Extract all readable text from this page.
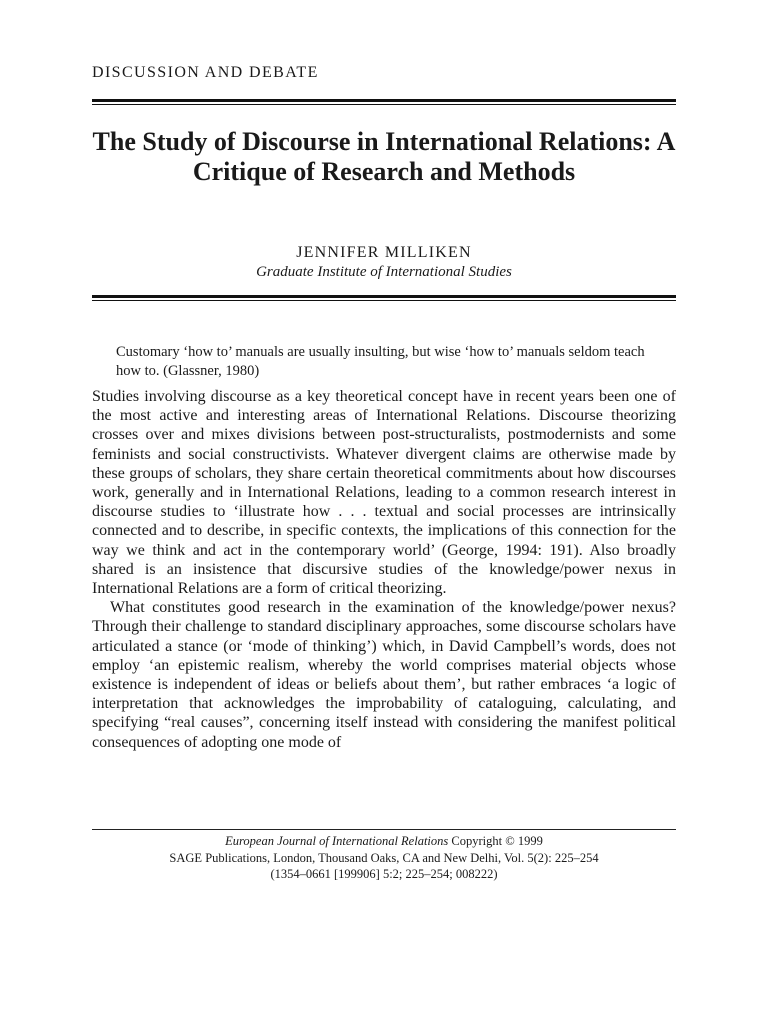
DISCUSSION AND DEBATE
The Study of Discourse in International Relations: A Critique of Research and Methods
JENNIFER MILLIKEN
Graduate Institute of International Studies

Customary ‘how to’ manuals are usually insulting, but wise ‘how to’ manuals seldom teach how to. (Glassner, 1980)

Studies involving discourse as a key theoretical concept have in recent years been one of the most active and interesting areas of International Relations. Discourse theorizing crosses over and mixes divisions between post-structuralists, postmodernists and some feminists and social constructivists. Whatever divergent claims are otherwise made by these groups of scholars, they share certain theoretical commitments about how discourses work, generally and in International Relations, leading to a common research interest in discourse studies to ‘illustrate how . . . textual and social processes are intrinsically connected and to describe, in specific contexts, the implications of this connection for the way we think and act in the contemporary world’ (George, 1994: 191). Also broadly shared is an insistence that discursive studies of the knowledge/power nexus in International Relations are a form of critical theorizing.

What constitutes good research in the examination of the knowledge/power nexus? Through their challenge to standard disciplinary approaches, some discourse scholars have articulated a stance (or ‘mode of thinking’) which, in David Campbell’s words, does not employ ‘an epistemic realism, whereby the world comprises material objects whose existence is independent of ideas or beliefs about them’, but rather embraces ‘a logic of interpretation that acknowledges the improbability of cataloguing, calculating, and specifying “real causes”, concerning itself instead with considering the manifest political consequences of adopting one mode of

European Journal of International Relations Copyright © 1999
SAGE Publications, London, Thousand Oaks, CA and New Delhi, Vol. 5(2): 225–254
(1354–0661 [199906] 5:2; 225–254; 008222)
